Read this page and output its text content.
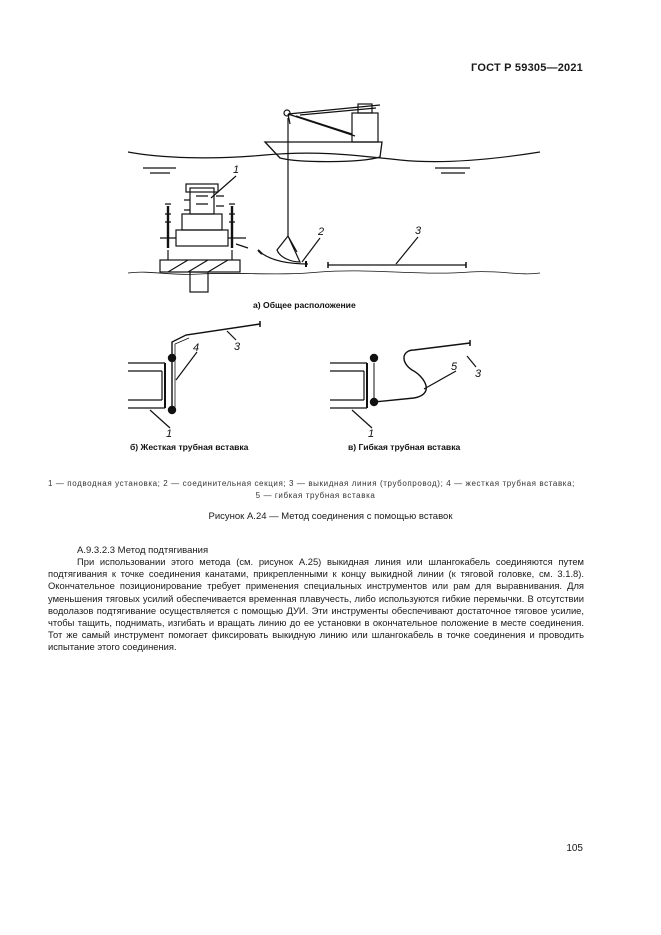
ГОСТ Р 59305—2021
1
2	3
4	3
1
5
3
1
а) Общее расположение
б) Жесткая трубная вставка	в) Гибкая трубная вставка
1 — подводная установка; 2 — соединительная секция; 3 — выкидная линия (трубопровод); 4 — жесткая трубная вставка;
5 — гибкая трубная вставка
Рисунок А.24 — Метод соединения с помощью вставок
А.9.3.2.3 Метод подтягивания

При использовании этого метода (см. рисунок А.25) выкидная линия или шлангокабель соединяются путем подтягивания к точке соединения канатами, прикрепленными к концу выкидной линии (к тяговой головке, см. 3.1.8). Окончательное позиционирование требует применения специальных инструментов или рам для выравнивания. Для уменьшения тяговых усилий обеспечивается временная плавучесть, либо используются гибкие перемычки. В отсутствии водолазов подтягивание осуществляется с помощью ДУИ. Эти инструменты обеспечивают достаточное тяговое усилие, чтобы тащить, поднимать, изгибать и вращать линию до ее установки в окончательное положение в месте соединения. Тот же самый инструмент помогает фиксировать выкидную линию или шлангокабель в точке соединения и проводить испытание этого соединения.

105
